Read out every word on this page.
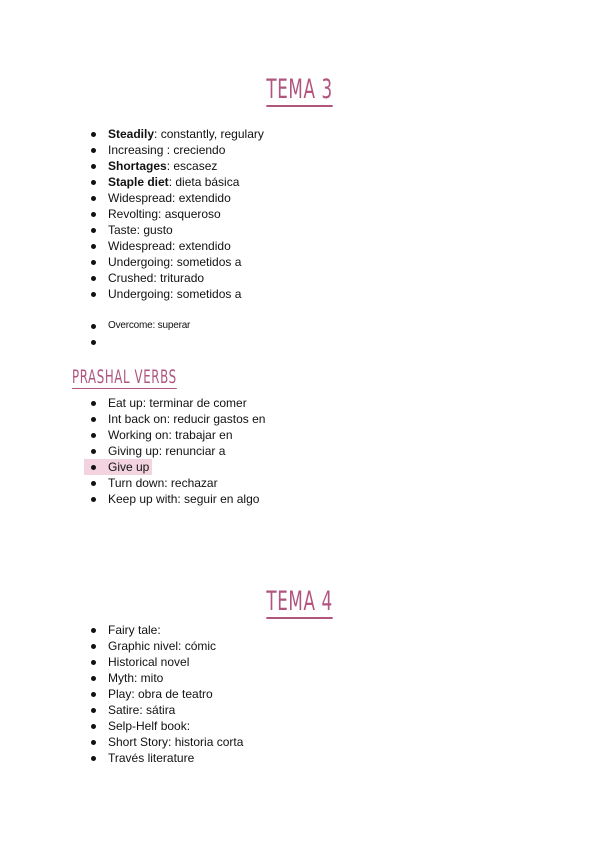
TEMA 3
Steadily: constantly, regulary
Increasing : creciendo
Shortages: escasez
Staple diet: dieta básica
Widespread: extendido
Revolting: asqueroso
Taste: gusto
Widespread: extendido
Undergoing: sometidos a
Crushed: triturado
Undergoing: sometidos a
Overcome: superar
PRASHAL VERBS
Eat up: terminar de comer
Int back on: reducir gastos en
Working on: trabajar en
Giving up: renunciar a
Give up
Turn down: rechazar
Keep up with: seguir en algo
TEMA 4
Fairy tale:
Graphic nivel: cómic
Historical novel
Myth: mito
Play: obra de teatro
Satire: sátira
Selp-Helf book:
Short Story: historia corta
Través literature
